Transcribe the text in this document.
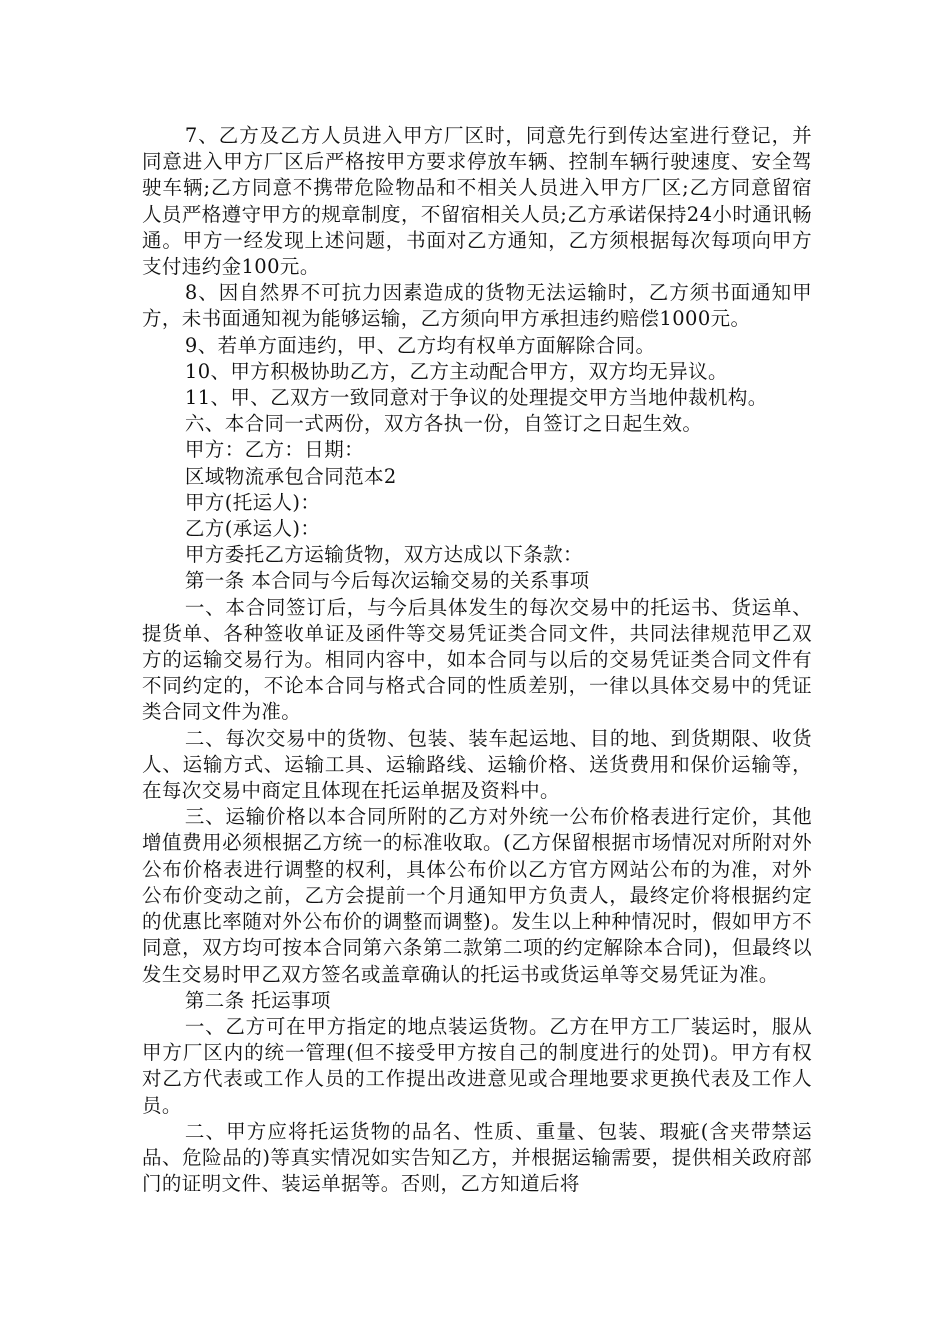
7、乙方及乙方人员进入甲方厂区时，同意先行到传达室进行登记，并同意进入甲方厂区后严格按甲方要求停放车辆、控制车辆行驶速度、安全驾驶车辆;乙方同意不携带危险物品和不相关人员进入甲方厂区;乙方同意留宿人员严格遵守甲方的规章制度，不留宿相关人员;乙方承诺保持24小时通讯畅通。甲方一经发现上述问题，书面对乙方通知，乙方须根据每次每项向甲方支付违约金100元。

8、因自然界不可抗力因素造成的货物无法运输时，乙方须书面通知甲方，未书面通知视为能够运输，乙方须向甲方承担违约赔偿1000元。

9、若单方面违约，甲、乙方均有权单方面解除合同。

10、甲方积极协助乙方，乙方主动配合甲方，双方均无异议。

11、甲、乙双方一致同意对于争议的处理提交甲方当地仲裁机构。

六、本合同一式两份，双方各执一份，自签订之日起生效。

甲方：乙方：日期：

区域物流承包合同范本2

甲方(托运人)：

乙方(承运人)：

甲方委托乙方运输货物，双方达成以下条款：

第一条 本合同与今后每次运输交易的关系事项

一、本合同签订后，与今后具体发生的每次交易中的托运书、货运单、提货单、各种签收单证及函件等交易凭证类合同文件，共同法律规范甲乙双方的运输交易行为。相同内容中，如本合同与以后的交易凭证类合同文件有不同约定的，不论本合同与格式合同的性质差别，一律以具体交易中的凭证类合同文件为准。

二、每次交易中的货物、包装、装车起运地、目的地、到货期限、收货人、运输方式、运输工具、运输路线、运输价格、送货费用和保价运输等，在每次交易中商定且体现在托运单据及资料中。

三、运输价格以本合同所附的乙方对外统一公布价格表进行定价，其他增值费用必须根据乙方统一的标准收取。(乙方保留根据市场情况对所附对外公布价格表进行调整的权利，具体公布价以乙方官方网站公布的为准，对外公布价变动之前，乙方会提前一个月通知甲方负责人，最终定价将根据约定的优惠比率随对外公布价的调整而调整)。发生以上种种情况时，假如甲方不同意，双方均可按本合同第六条第二款第二项的约定解除本合同)，但最终以发生交易时甲乙双方签名或盖章确认的托运书或货运单等交易凭证为准。

第二条 托运事项

一、乙方可在甲方指定的地点装运货物。乙方在甲方工厂装运时，服从甲方厂区内的统一管理(但不接受甲方按自己的制度进行的处罚)。甲方有权对乙方代表或工作人员的工作提出改进意见或合理地要求更换代表及工作人员。

二、甲方应将托运货物的品名、性质、重量、包装、瑕疵(含夹带禁运品、危险品的)等真实情况如实告知乙方，并根据运输需要，提供相关政府部门的证明文件、装运单据等。否则，乙方知道后将
